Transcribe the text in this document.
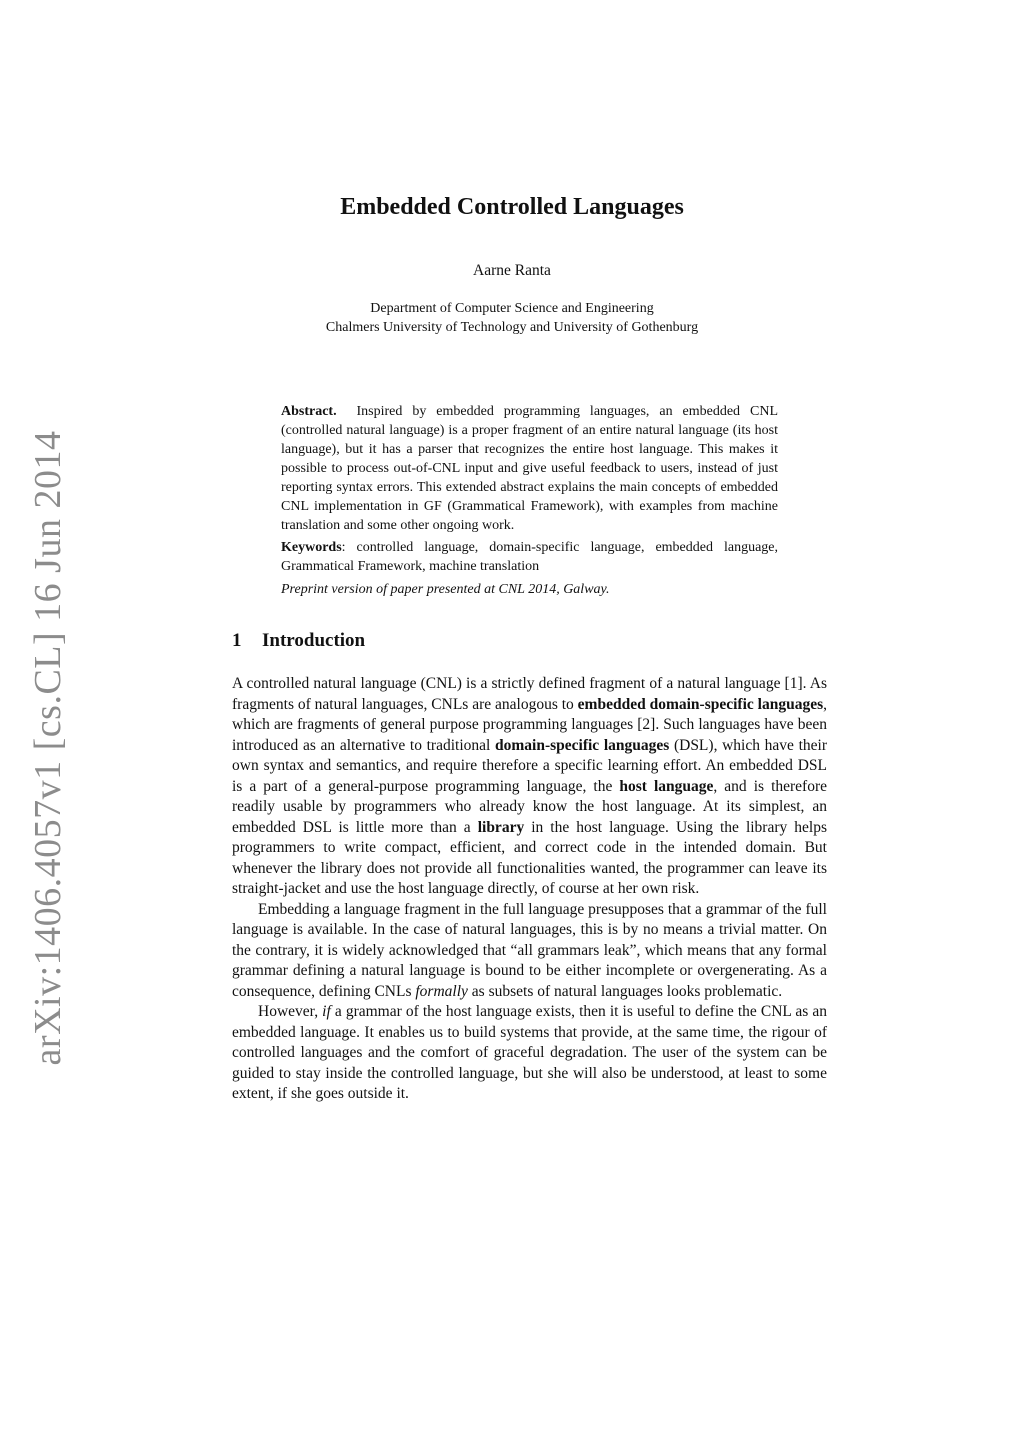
arXiv:1406.4057v1 [cs.CL] 16 Jun 2014
Embedded Controlled Languages
Aarne Ranta
Department of Computer Science and Engineering
Chalmers University of Technology and University of Gothenburg

Abstract. Inspired by embedded programming languages, an embedded CNL (controlled natural language) is a proper fragment of an entire natural language (its host language), but it has a parser that recognizes the entire host language. This makes it possible to process out-of-CNL input and give useful feedback to users, instead of just reporting syntax errors. This extended abstract explains the main concepts of embedded CNL implementation in GF (Grammatical Framework), with examples from machine translation and some other ongoing work.

Keywords: controlled language, domain-specific language, embedded language, Grammatical Framework, machine translation

Preprint version of paper presented at CNL 2014, Galway.

1 Introduction

A controlled natural language (CNL) is a strictly defined fragment of a natural language [1]. As fragments of natural languages, CNLs are analogous to embedded domain-specific languages, which are fragments of general purpose programming languages [2]. Such languages have been introduced as an alternative to traditional domain-specific languages (DSL), which have their own syntax and semantics, and require therefore a specific learning effort. An embedded DSL is a part of a general-purpose programming language, the host language, and is therefore readily usable by programmers who already know the host language. At its simplest, an embedded DSL is little more than a library in the host language. Using the library helps programmers to write compact, efficient, and correct code in the intended domain. But whenever the library does not provide all functionalities wanted, the programmer can leave its straight-jacket and use the host language directly, of course at her own risk.

Embedding a language fragment in the full language presupposes that a grammar of the full language is available. In the case of natural languages, this is by no means a trivial matter. On the contrary, it is widely acknowledged that “all grammars leak”, which means that any formal grammar defining a natural language is bound to be either incomplete or overgenerating. As a consequence, defining CNLs formally as subsets of natural languages looks problematic.

However, if a grammar of the host language exists, then it is useful to define the CNL as an embedded language. It enables us to build systems that provide, at the same time, the rigour of controlled languages and the comfort of graceful degradation. The user of the system can be guided to stay inside the controlled language, but she will also be understood, at least to some extent, if she goes outside it.
